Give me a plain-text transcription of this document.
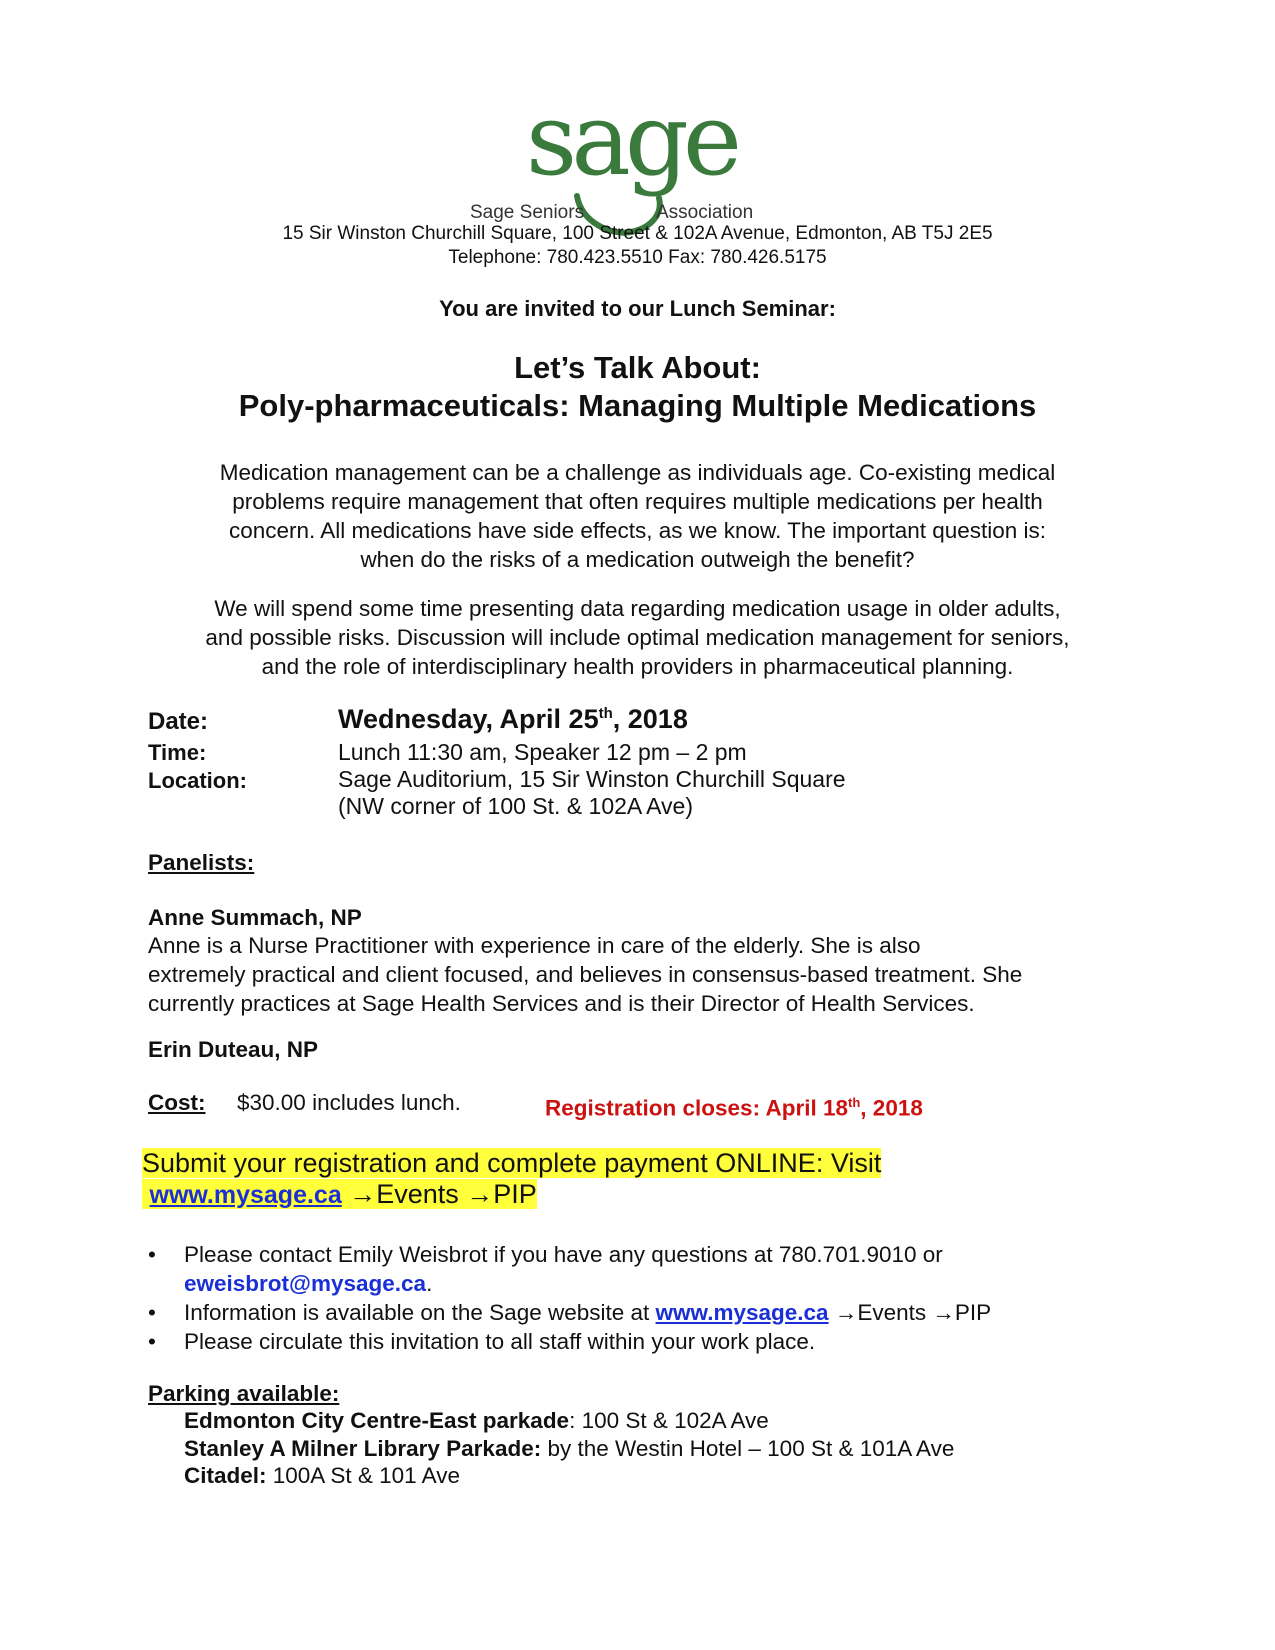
sage
Sage Seniors	Association
15 Sir Winston Churchill Square, 100 Street & 102A Avenue, Edmonton, AB T5J 2E5
Telephone: 780.423.5510 Fax: 780.426.5175
You are invited to our Lunch Seminar:
Let’s Talk About:
Poly-pharmaceuticals: Managing Multiple Medications
Medication management can be a challenge as individuals age. Co-existing medical
problems require management that often requires multiple medications per health
concern. All medications have side effects, as we know. The important question is:
when do the risks of a medication outweigh the benefit?
We will spend some time presenting data regarding medication usage in older adults,
and possible risks. Discussion will include optimal medication management for seniors,
and the role of interdisciplinary health providers in pharmaceutical planning.
Date:	Wednesday, April 25th, 2018
Time:	Lunch 11:30 am, Speaker 12 pm – 2 pm
Location:	Sage Auditorium, 15 Sir Winston Churchill Square
(NW corner of 100 St. & 102A Ave)
Panelists:
Anne Summach, NP
Anne is a Nurse Practitioner with experience in care of the elderly. She is also
extremely practical and client focused, and believes in consensus-based treatment. She
currently practices at Sage Health Services and is their Director of Health Services.
Erin Duteau, NP
Cost: $30.00 includes lunch.	Registration closes: April 18th, 2018
Submit your registration and complete payment ONLINE: Visit
www.mysage.ca →Events →PIP
• Please contact Emily Weisbrot if you have any questions at 780.701.9010 or
eweisbrot@mysage.ca.
• Information is available on the Sage website at www.mysage.ca →Events →PIP
• Please circulate this invitation to all staff within your work place.
Parking available:
Edmonton City Centre-East parkade: 100 St & 102A Ave
Stanley A Milner Library Parkade: by the Westin Hotel – 100 St & 101A Ave
Citadel: 100A St & 101 Ave
